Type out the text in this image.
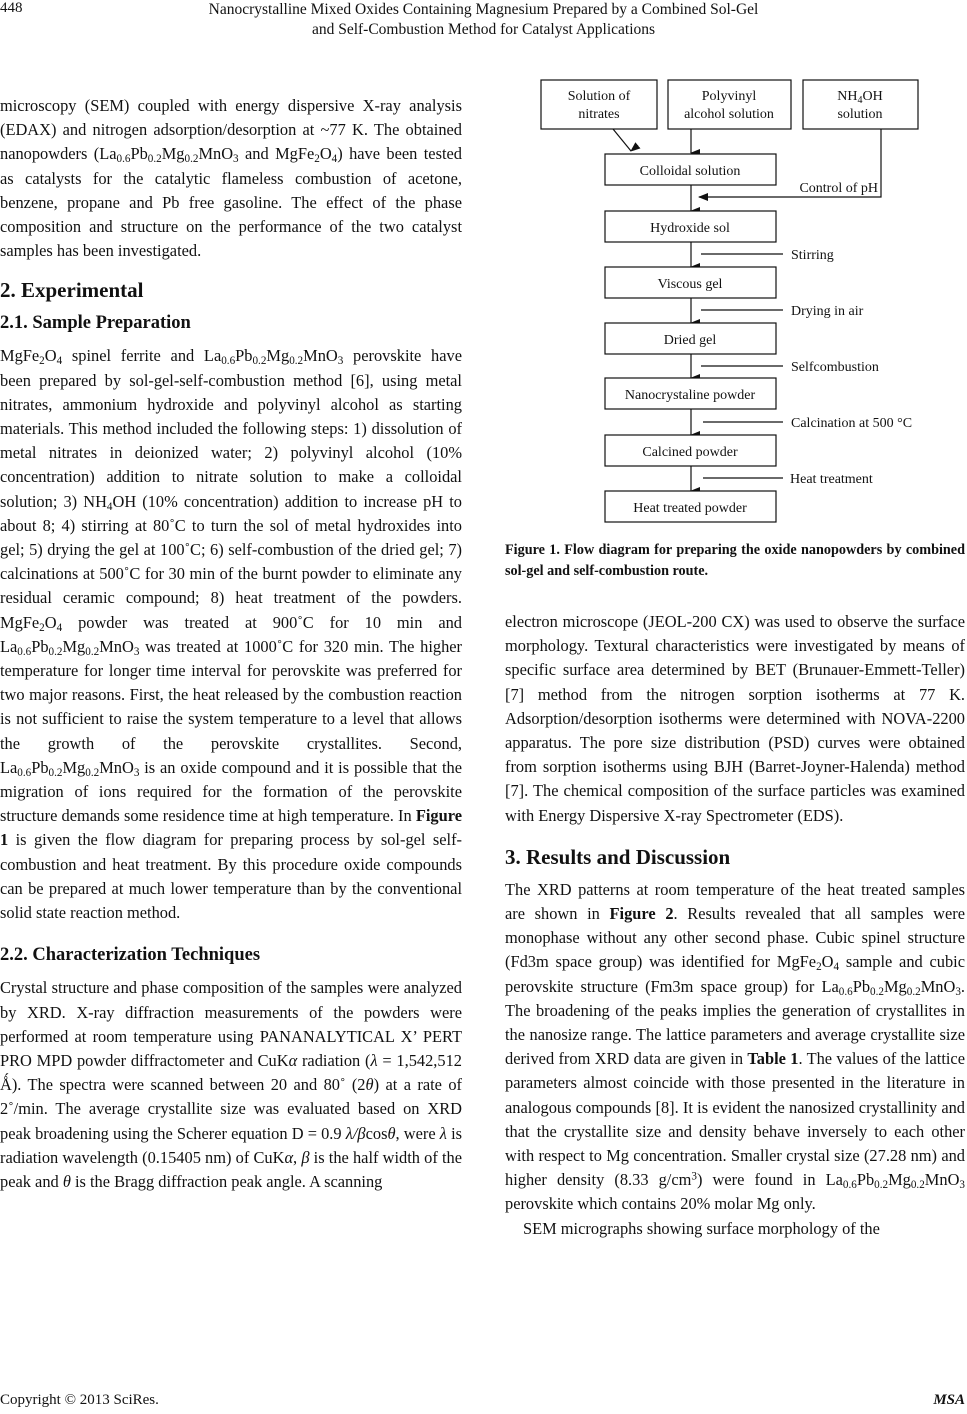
448	Nanocrystalline Mixed Oxides Containing Magnesium Prepared by a Combined Sol-Gel
and Self-Combustion Method for Catalyst Applications

microscopy (SEM) coupled with energy dispersive X-ray analysis (EDAX) and nitrogen adsorption/desorption at ~77 K. The obtained nanopowders ($La_{0.6}Pb_{0.2}Mg_{0.2}MnO_3$ and $MgFe_2O_4$) have been tested as catalysts for the catalytic flameless combustion of acetone, benzene, propane and Pb free gasoline. The effect of the phase composition and structure on the performance of the two catalyst samples has been investigated.

2. Experimental
2.1. Sample Preparation

$MgFe_2O_4$ spinel ferrite and $La_{0.6}Pb_{0.2}Mg_{0.2}MnO_3$ perovskite have been prepared by sol-gel-self-combustion method [6], using metal nitrates, ammonium hydroxide and polyvinyl alcohol as starting materials. This method included the following steps: 1) dissolution of metal nitrates in deionized water; 2) polyvinyl alcohol (10% concentration) addition to nitrate solution to make a colloidal solution; 3) $NH_4OH$ (10% concentration) addition to increase pH to about 8; 4) stirring at 80˚C to turn the sol of metal hydroxides into gel; 5) drying the gel at 100˚C; 6) self-combustion of the dried gel; 7) calcinations at 500˚C for 30 min of the burnt powder to eliminate any residual ceramic compound; 8) heat treatment of the powders. $MgFe_2O_4$ powder was treated at 900˚C for 10 min and $La_{0.6}Pb_{0.2}Mg_{0.2}MnO_3$ was treated at 1000˚C for 320 min. The higher temperature for longer time interval for perovskite was preferred for two major reasons. First, the heat released by the combustion reaction is not sufficient to raise the system temperature to a level that allows the growth of the perovskite crystallites. Second, $La_{0.6}Pb_{0.2}Mg_{0.2}MnO_3$ is an oxide compound and it is possible that the migration of ions required for the formation of the perovskite structure demands some residence time at high temperature. In Figure 1 is given the flow diagram for preparing process by sol-gel self-combustion and heat treatment. By this procedure oxide compounds can be prepared at much lower temperature than by the conventional solid state reaction method.

2.2. Characterization Techniques

Crystal structure and phase composition of the samples were analyzed by XRD. X-ray diffraction measurements of the powders were performed at room temperature using PANANALYTICAL X’ PERT PRO MPD powder diffractometer and CuKα radiation (λ = 1,542,512 Ǻ). The spectra were scanned between 20 and 80˚ (2θ) at a rate of 2˚/min. The average crystallite size was evaluated based on XRD peak broadening using the Scherer equation D = 0.9 λ/βcosθ, were λ is radiation wavelength (0.15405 nm) of CuKα, β is the half width of the peak and θ is the Bragg diffraction peak angle. A scanning

Solution of
nitrates
Polyvinyl
alcohol solution
$NH_4OH$
solution
Control of pH
Colloidal solution
Hydroxide sol
Stirring
Viscous gel
Drying in air
Dried gel
Selfcombustion
Nanocrystaline powder
Calcination at 500 °C
Calcined powder
Heat treatment
Heat treated powder
Figure 1. Flow diagram for preparing the oxide nanopowders by combined sol-gel and self-combustion route.

electron microscope (JEOL-200 CX) was used to observe the surface morphology. Textural characteristics were investigated by means of specific surface area determined by BET (Brunauer-Emmett-Teller) [7] method from the nitrogen sorption isotherms at 77 K. Adsorption/desorption isotherms were determined with NOVA-2200 apparatus. The pore size distribution (PSD) curves were obtained from sorption isotherms using BJH (Barret-Joyner-Halenda) method [7]. The chemical composition of the surface particles was examined with Energy Dispersive X-ray Spectrometer (EDS).

3. Results and Discussion

The XRD patterns at room temperature of the heat treated samples are shown in Figure 2. Results revealed that all samples were monophase without any other second phase. Cubic spinel structure (Fd3m space group) was identified for $MgFe_2O_4$ sample and cubic perovskite structure (Fm3m space group) for $La_{0.6}Pb_{0.2}Mg_{0.2}MnO_3$. The broadening of the peaks implies the generation of crystallites in the nanosize range. The lattice parameters and average crystallite size derived from XRD data are given in Table 1. The values of the lattice parameters almost coincide with those presented in the literature in analogous compounds [8]. It is evident the nanosized crystallinity and that the crystallite size and density behave inversely to each other with respect to Mg concentration. Smaller crystal size (27.28 nm) and higher density (8.33 $g/cm^3$) were found in $La_{0.6}Pb_{0.2}Mg_{0.2}MnO_3$ perovskite which contains 20% molar Mg only.

SEM micrographs showing surface morphology of the

Copyright © 2013 SciRes.	MSA
